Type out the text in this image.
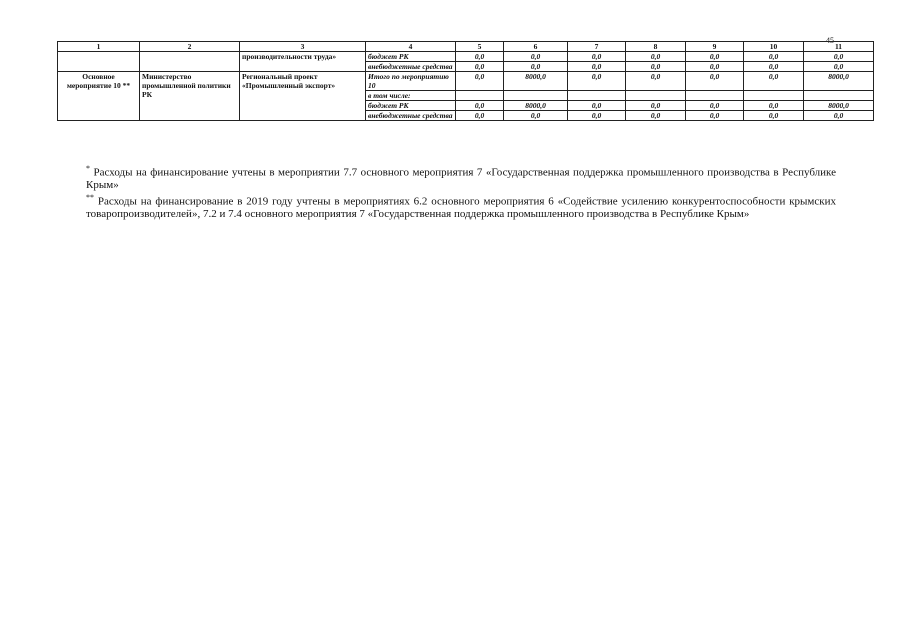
45
1	2	3	4	5	6	7	8	9	10	11
		производительности труда»	бюджет РК	0,0	0,0	0,0	0,0	0,0	0,0	0,0
			внебюджетные средства	0,0	0,0	0,0	0,0	0,0	0,0	0,0
Основное мероприятие 10 **	Министерство промышленной политики РК	Региональный проект «Промышленный экспорт»	Итого по мероприятию 10	0,0	8000,0	0,0	0,0	0,0	0,0	8000,0
			в том числе:							
			бюджет РК	0,0	8000,0	0,0	0,0	0,0	0,0	8000,0
			внебюджетные средства	0,0	0,0	0,0	0,0	0,0	0,0	0,0

* Расходы на финансирование учтены в мероприятии 7.7 основного мероприятия 7 «Государственная поддержка промышленного производства в Республике Крым»

** Расходы на финансирование в 2019 году учтены в мероприятиях 6.2 основного мероприятия 6 «Содействие усилению конкурентоспособности крымских товаропроизводителей», 7.2 и 7.4 основного мероприятия 7 «Государственная поддержка промышленного производства в Республике Крым»
